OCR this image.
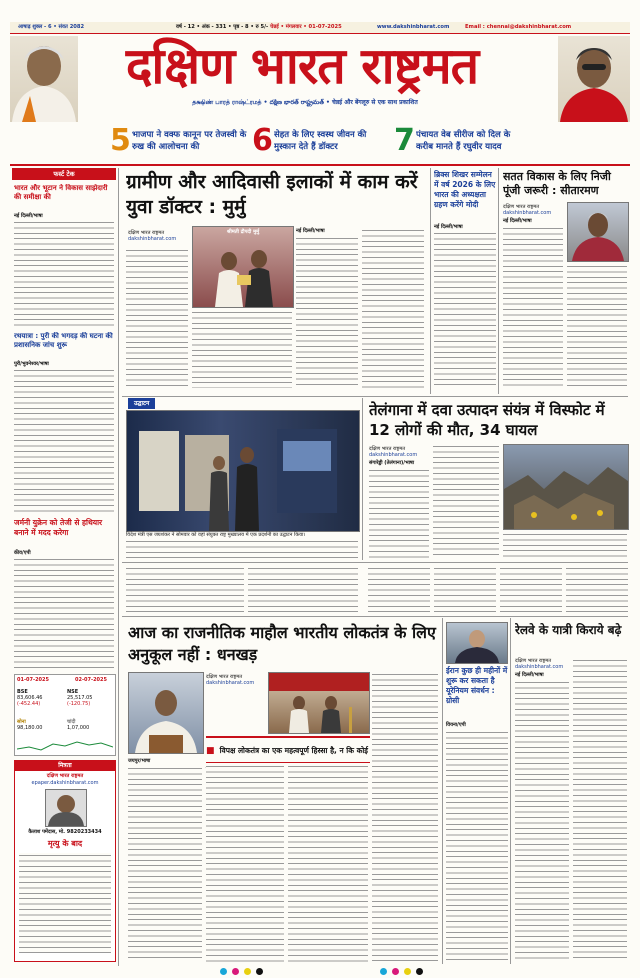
आषाढ़ शुक्ल - 6 • संवत 2082	वर्ष - 12 • अंक - 331 • पृष्ठ - 8 • रु 5/- चेन्नई • मंगलवार • 01-07-2025	www.dakshinbharat.com	Email : chennai@dakshinbharat.com
दक्षिण भारत राष्ट्रमत
தக்ஷிண் பாரத் ராஷ்ட்ரமத் • దక్షిణ భారత్ రాష్ట్రమత్ • चेन्नई और बेंगलूरु से एक साथ प्रकाशित
5 भाजपा ने वक्फ कानून पर तेजस्वी के रुख की आलोचना की	6 सेहत के लिए स्वस्थ जीवन की मुस्कान देते हैं डॉक्टर	7 पंचायत वेब सीरीज को दिल के करीब मानते हैं रघुवीर यादव
फर्स्ट टेक
भारत और भूटान ने विकास साझेदारी की समीक्षा की
नई दिल्ली/भाषा
रथयात्रा : पुरी की भगदड़ की घटना की प्रशासनिक जांच शुरू
पुरी/भुवनेश्वर/भाषा
जर्मनी युक्रेन को तेजी से हथियार बनाने में मदद करेगा
कीव/एपी
01-07-2025	02-07-2025
BSE
83,606.46
(-452.44)
NSE
25,517.05
(-120.75)
सोना
98,180.00
चांदी
1,07,000
मित्रता
दक्षिण भारत राष्ट्रमत
epaper.dakshinbharat.com
कैलाश पमेंदास, मो. 9820233434
मृत्यु के बाद
ग्रामीण और आदिवासी इलाकों में काम करें युवा डॉक्टर : मुर्मु
दक्षिण भारत राष्ट्रमत
dakshinbharat.com
श्रीमती द्रौपदी मुर्मु	नई दिल्ली/भाषा
ब्रिक्स शिखर सम्मेलन में वर्ष 2026 के लिए भारत की अध्यक्षता ग्रहण करेंगे मोदी
नई दिल्ली/भाषा
सतत विकास के लिए निजी पूंजी जरूरी : सीतारमण
दक्षिण भारत राष्ट्रमत
dakshinbharat.com
नई दिल्ली/भाषा
उद्घाटन
विदेश मंत्री एस जयशंकर ने सोमवार को वहां संयुक्त राष्ट्र मुख्यालय में एक प्रदर्शनी का उद्घाटन किया।
तेलंगाना में दवा उत्पादन संयंत्र में विस्फोट में 12 लोगों की मौत, 34 घायल
दक्षिण भारत राष्ट्रमत
dakshinbharat.com
संगारेड्डी (तेलंगाना)/भाषा
आज का राजनीतिक माहौल भारतीय लोकतंत्र के लिए अनुकूल नहीं : धनखड़
दक्षिण भारत राष्ट्रमत
dakshinbharat.com
■ विपक्ष लोकतंत्र का एक महत्वपूर्ण हिस्सा है, न कि कोई
जयपुर/भाषा
ईरान कुछ ही महीनों में शुरू कर सकता है यूरेनियम संवर्धन : ग्रोसी
वियना/एपी
रेलवे के यात्री किराये बढ़े
दक्षिण भारत राष्ट्रमत
dakshinbharat.com
नई दिल्ली/भाषा
